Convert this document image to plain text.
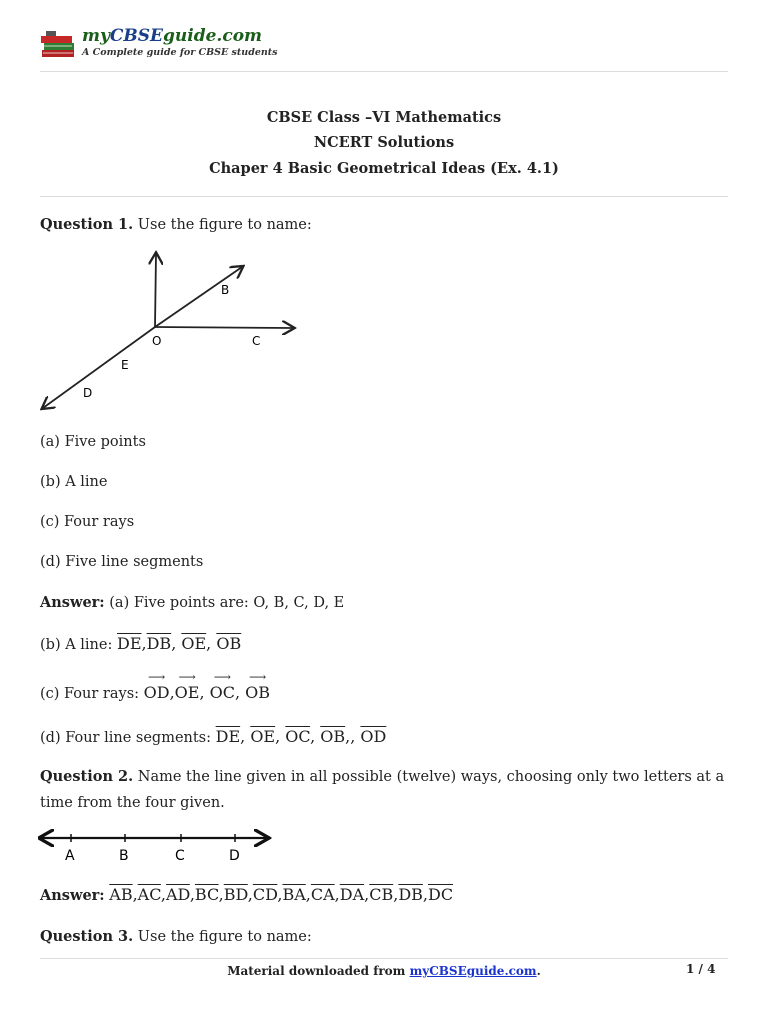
myCBSEguide.com
A Complete guide for CBSE students
CBSE Class –VI Mathematics
NCERT Solutions
Chaper 4 Basic Geometrical Ideas (Ex. 4.1)
Question 1. Use the figure to name:
B
O	C
E
D
(a) Five points
(b) A line
(c) Four rays
(d) Five line segments
Answer: (a) Five points are: O, B, C, D, E
(b) A line: $\overline{DE},\overline{DB}$, $\overline{OE}$, $\overline{OB}$
(c) Four rays: ⟶ OD,⟶ OE, ⟶ OC, ⟶ OB
(d) Four line segments: $\overline{DE}$, $\overline{OE}$, $\overline{OC}$, $\overline{OB}$,, $\overline{OD}$
Question 2. Name the line given in all possible (twelve) ways, choosing only two letters at a time from the four given.
A	B	C	D
Answer: $\overline{AB},\overline{AC},\overline{AD},\overline{BC},\overline{BD},\overline{CD},\overline{BA},\overline{CA},\overline{DA},\overline{CB},\overline{DB},\overline{DC}$
Question 3. Use the figure to name:
Material downloaded from myCBSEguide.com.	1 / 4
